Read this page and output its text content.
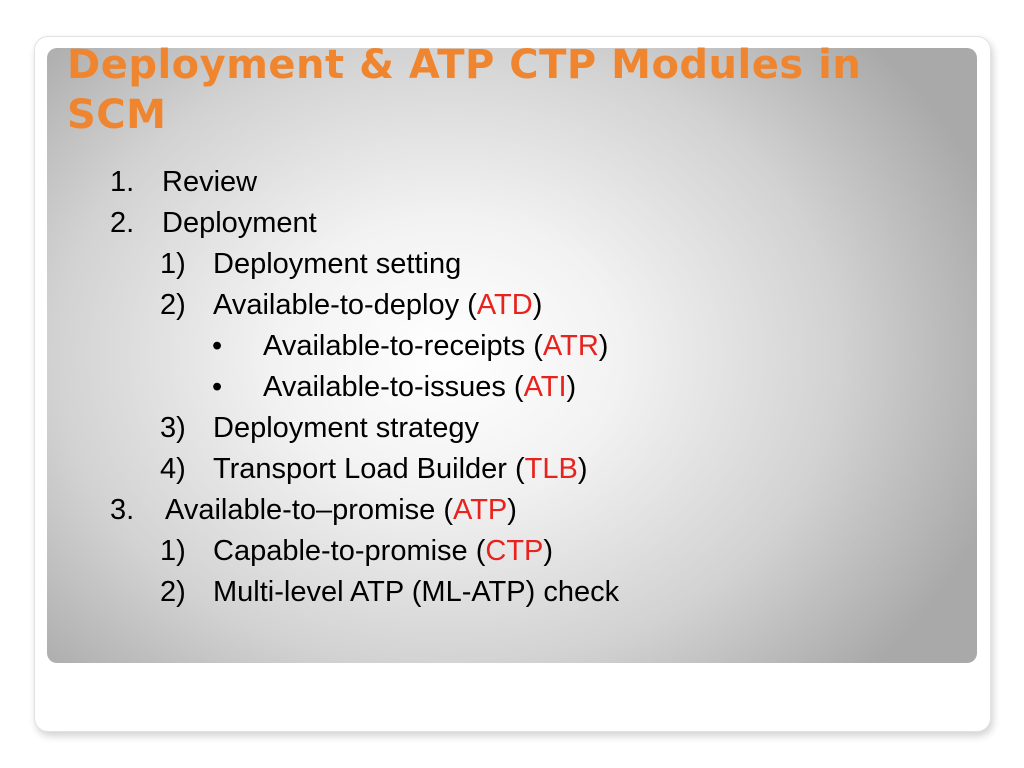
Deployment & ATP CTP Modules in SCM
1. Review
2. Deployment
1) Deployment setting
2) Available-to-deploy (ATD)
• Available-to-receipts (ATR)
• Available-to-issues (ATI)
3) Deployment strategy
4) Transport Load Builder (TLB)
3. Available-to–promise (ATP)
1) Capable-to-promise (CTP)
2) Multi-level ATP (ML-ATP) check
